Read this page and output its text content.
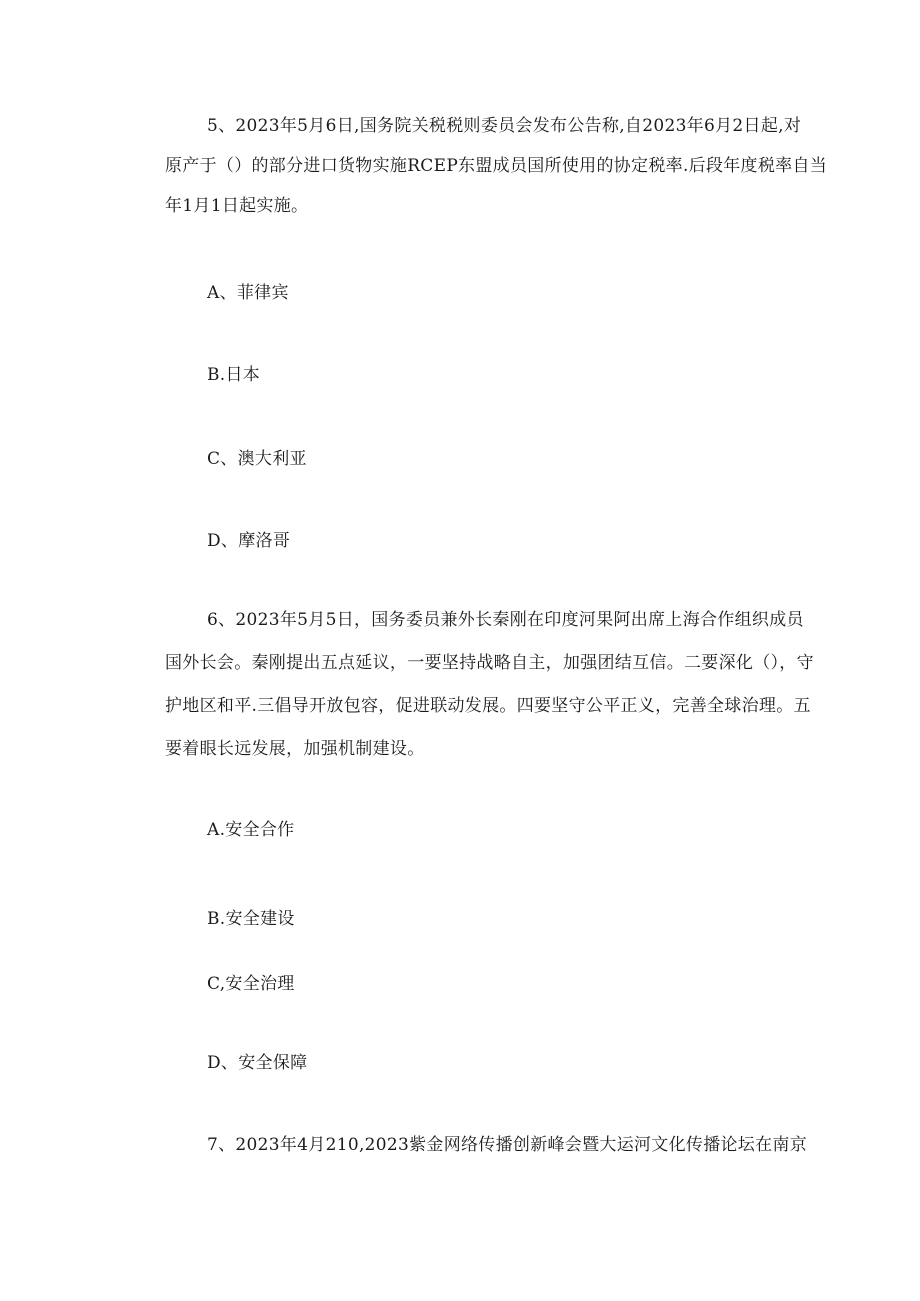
5、2023年5月6日,国务院关税税则委员会发布公告称,自2023年6月2日起,对
原产于（）的部分进口货物实施RCEP东盟成员国所使用的协定税率.后段年度税率自当
年1月1日起实施。
A、菲律宾
B.日本
C、澳大利亚
D、摩洛哥
6、2023年5月5日，国务委员兼外长秦刚在印度河果阿出席上海合作组织成员
国外长会。秦刚提出五点延议，一要坚持战略自主，加强团结互信。二要深化（），守
护地区和平.三倡导开放包容，促进联动发展。四要坚守公平正义，完善全球治理。五
要着眼长远发展，加强机制建设。
A.安全合作
B.安全建设
C,安全治理
D、安全保障
7、2023年4月210,2023紫金网络传播创新峰会暨大运河文化传播论坛在南京
